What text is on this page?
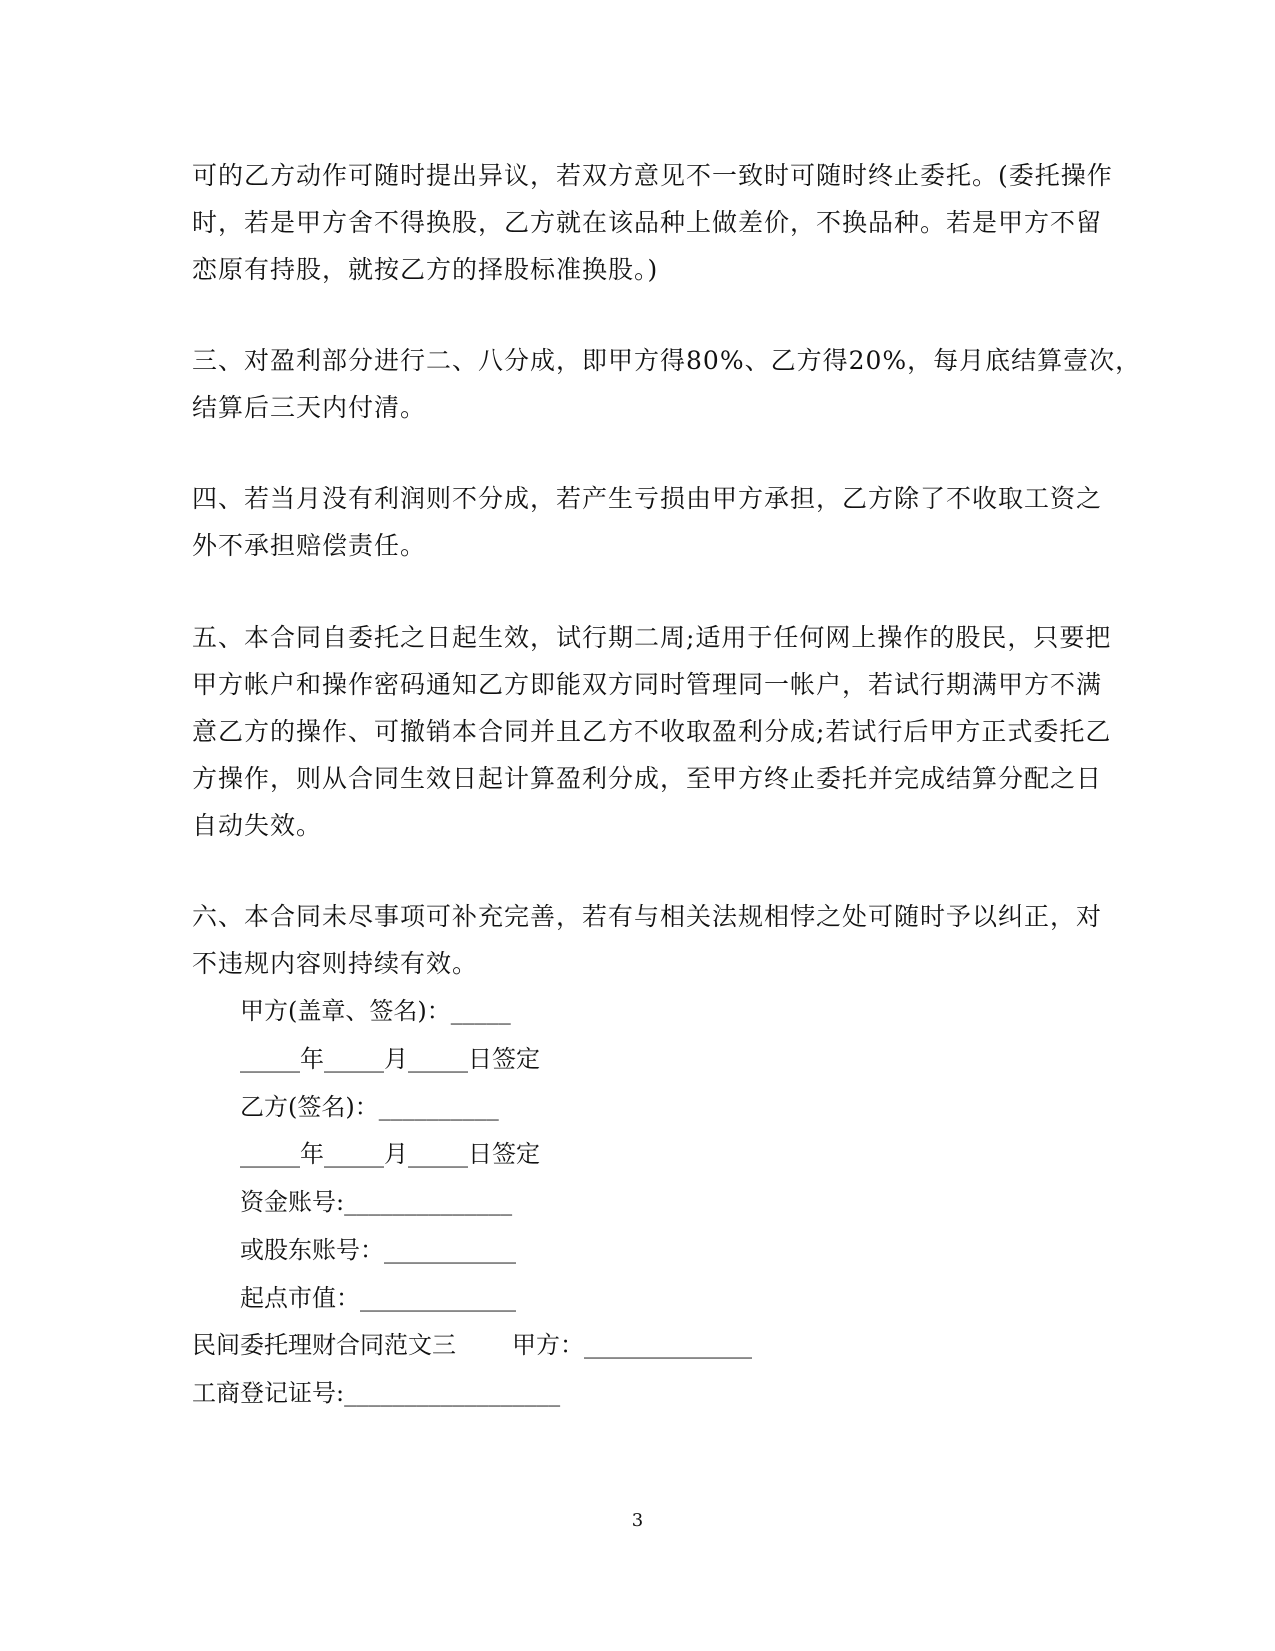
可的乙方动作可随时提出异议，若双方意见不一致时可随时终止委托。(委托操作
时，若是甲方舍不得换股，乙方就在该品种上做差价，不换品种。若是甲方不留
恋原有持股，就按乙方的择股标准换股。)
三、对盈利部分进行二、八分成，即甲方得80%、乙方得20%，每月底结算壹次，
结算后三天内付清。
四、若当月没有利润则不分成，若产生亏损由甲方承担，乙方除了不收取工资之
外不承担赔偿责任。
五、本合同自委托之日起生效，试行期二周;适用于任何网上操作的股民，只要把
甲方帐户和操作密码通知乙方即能双方同时管理同一帐户，若试行期满甲方不满
意乙方的操作、可撤销本合同并且乙方不收取盈利分成;若试行后甲方正式委托乙
方操作，则从合同生效日起计算盈利分成，至甲方终止委托并完成结算分配之日
自动失效。
六、本合同未尽事项可补充完善，若有与相关法规相悖之处可随时予以纠正，对
不违规内容则持续有效。

甲方(盖章、签名)：_____

_____年_____月_____日签定

乙方(签名)：__________

_____年_____月_____日签定

资金账号:______________

或股东账号：___________

起点市值：_____________

民间委托理财合同范文三 甲方：______________

工商登记证号:__________________

3
